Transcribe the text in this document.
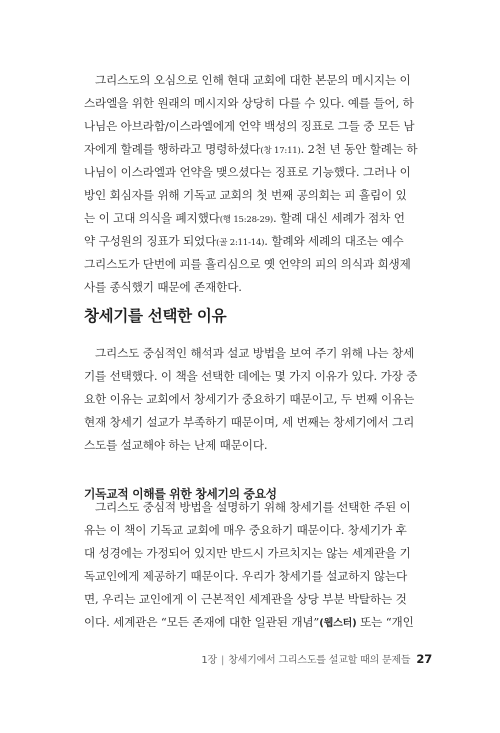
그리스도의 오심으로 인해 현대 교회에 대한 본문의 메시지는 이
스라엘을 위한 원래의 메시지와 상당히 다를 수 있다. 예를 들어, 하
나님은 아브라함/이스라엘에게 언약 백성의 징표로 그들 중 모든 남
자에게 할례를 행하라고 명령하셨다(창 17:11). 2천 년 동안 할례는 하
나님이 이스라엘과 언약을 맺으셨다는 징표로 기능했다. 그러나 이
방인 회심자를 위해 기독교 교회의 첫 번째 공의회는 피 흘림이 있
는 이 고대 의식을 폐지했다(행 15:28-29). 할례 대신 세례가 점차 언
약 구성원의 징표가 되었다(골 2:11-14). 할례와 세례의 대조는 예수
그리스도가 단번에 피를 흘리심으로 옛 언약의 피의 의식과 희생제
사를 종식했기 때문에 존재한다.
창세기를 선택한 이유
그리스도 중심적인 해석과 설교 방법을 보여 주기 위해 나는 창세
기를 선택했다. 이 책을 선택한 데에는 몇 가지 이유가 있다. 가장 중
요한 이유는 교회에서 창세기가 중요하기 때문이고, 두 번째 이유는
현재 창세기 설교가 부족하기 때문이며, 세 번째는 창세기에서 그리
스도를 설교해야 하는 난제 때문이다.
기독교적 이해를 위한 창세기의 중요성
그리스도 중심적 방법을 설명하기 위해 창세기를 선택한 주된 이
유는 이 책이 기독교 교회에 매우 중요하기 때문이다. 창세기가 후
대 성경에는 가정되어 있지만 반드시 가르치지는 않는 세계관을 기
독교인에게 제공하기 때문이다. 우리가 창세기를 설교하지 않는다
면, 우리는 교인에게 이 근본적인 세계관을 상당 부분 박탈하는 것
이다. 세계관은 “모든 존재에 대한 일관된 개념”(웹스터) 또는 “개인
1장 | 창세기에서 그리스도를 설교할 때의 문제들 27
